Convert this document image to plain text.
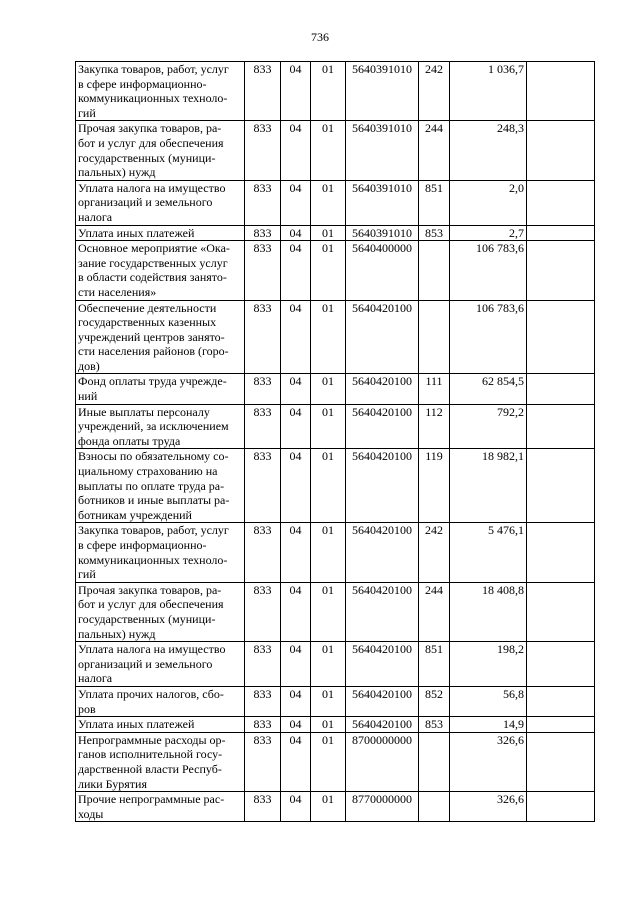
736
Закупка товаров, работ, услуг
в сфере информационно-
коммуникационных техноло-
гий	833	04	01	5640391010	242	1 036,7	

Прочая закупка товаров, ра-
бот и услуг для обеспечения
государственных (муници-
пальных) нужд	833	04	01	5640391010	244	248,3	

Уплата налога на имущество
организаций и земельного
налога	833	04	01	5640391010	851	2,0	

Уплата иных платежей	833	04	01	5640391010	853	2,7	

Основное мероприятие «Ока-
зание государственных услуг
в области содействия занято-
сти населения»	833	04	01	5640400000		106 783,6	

Обеспечение деятельности
государственных казенных
учреждений центров занято-
сти населения районов (горо-
дов)	833	04	01	5640420100		106 783,6	

Фонд оплаты труда учрежде-
ний	833	04	01	5640420100	111	62 854,5	

Иные выплаты персоналу
учреждений, за исключением
фонда оплаты труда	833	04	01	5640420100	112	792,2	

Взносы по обязательному со-
циальному страхованию на
выплаты по оплате труда ра-
ботников и иные выплаты ра-
ботникам учреждений	833	04	01	5640420100	119	18 982,1	

Закупка товаров, работ, услуг
в сфере информационно-
коммуникационных техноло-
гий	833	04	01	5640420100	242	5 476,1	

Прочая закупка товаров, ра-
бот и услуг для обеспечения
государственных (муници-
пальных) нужд	833	04	01	5640420100	244	18 408,8	

Уплата налога на имущество
организаций и земельного
налога	833	04	01	5640420100	851	198,2	

Уплата прочих налогов, сбо-
ров	833	04	01	5640420100	852	56,8	

Уплата иных платежей	833	04	01	5640420100	853	14,9	

Непрограммные расходы ор-
ганов исполнительной госу-
дарственной власти Респуб-
лики Бурятия	833	04	01	8700000000		326,6	

Прочие непрограммные рас-
ходы	833	04	01	8770000000		326,6	
